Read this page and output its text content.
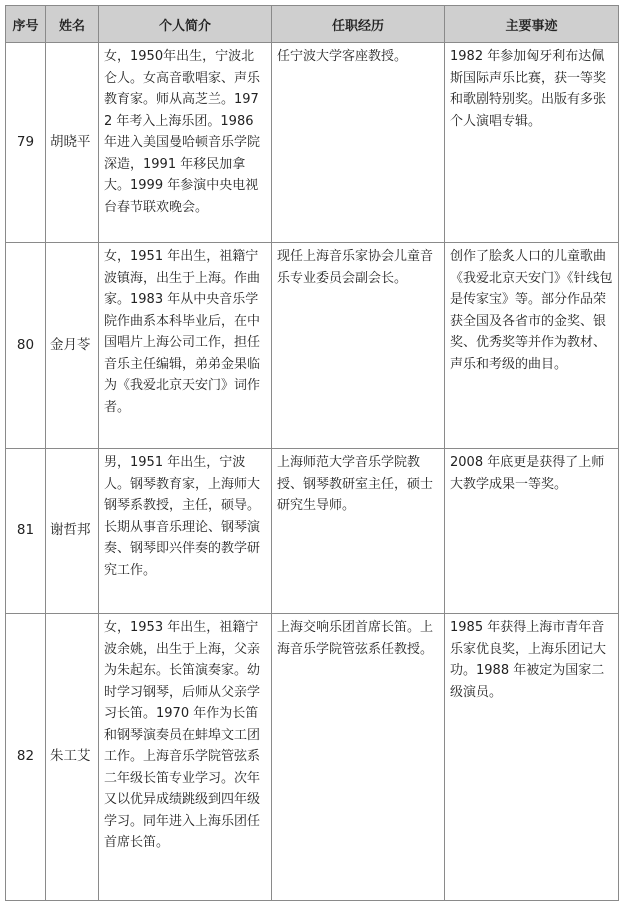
序号	姓名	个人简介	任职经历	主要事迹
79	胡晓平	女，1950年出生，宁波北仑人。女高音歌唱家、声乐教育家。师从高芝兰。1972 年考入上海乐团。1986 年进入美国曼哈顿音乐学院深造，1991 年移民加拿大。1999 年参演中央电视台春节联欢晚会。	任宁波大学客座教授。	1982 年参加匈牙利布达佩斯国际声乐比赛，获一等奖和歌剧特别奖。出版有多张个人演唱专辑。
80	金月苓	女，1951 年出生，祖籍宁波镇海，出生于上海。作曲家。1983 年从中央音乐学院作曲系本科毕业后，在中国唱片上海公司工作，担任音乐主任编辑，弟弟金果临为《我爱北京天安门》词作者。	现任上海音乐家协会儿童音乐专业委员会副会长。	创作了脍炙人口的儿童歌曲《我爱北京天安门》《针线包是传家宝》等。部分作品荣获全国及各省市的金奖、银奖、优秀奖等并作为教材、声乐和考级的曲目。
81	谢哲邦	男，1951 年出生，宁波人。钢琴教育家，上海师大钢琴系教授，主任，硕导。长期从事音乐理论、钢琴演奏、钢琴即兴伴奏的教学研究工作。	上海师范大学音乐学院教授、钢琴教研室主任，硕士研究生导师。	2008 年底更是获得了上师大教学成果一等奖。
82	朱工艾	女，1953 年出生，祖籍宁波余姚，出生于上海，父亲为朱起东。长笛演奏家。幼时学习钢琴，后师从父亲学习长笛。1970 年作为长笛和钢琴演奏员在蚌埠文工团工作。上海音乐学院管弦系二年级长笛专业学习。次年又以优异成绩跳级到四年级学习。同年进入上海乐团任首席长笛。	上海交响乐团首席长笛。上海音乐学院管弦系任教授。	1985 年获得上海市青年音乐家优良奖，上海乐团记大功。1988 年被定为国家二级演员。
